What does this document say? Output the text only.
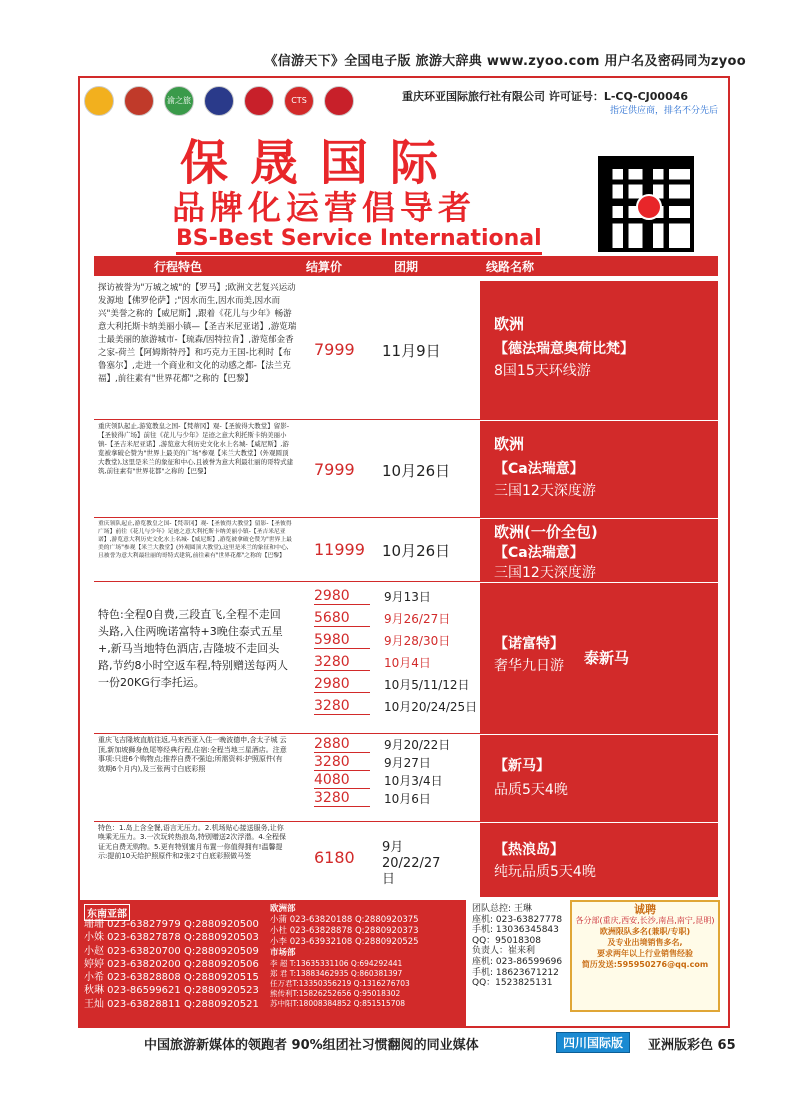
《信游天下》全国电子版 旅游大辞典 www.zyoo.com 用户名及密码同为zyoo
渝之旅	CTS	重庆环亚国际旅行社有限公司 许可证号：L-CQ-CJ00046
指定供应商，排名不分先后
保晟国际
品牌化运营倡导者
BS-Best Service International
行程特色	结算价	团期	线路名称
探访被誉为"万城之城"的【罗马】;欧洲文艺复兴运动发源地【佛罗伦萨】;"因水而生,因水而美,因水而兴"美誉之称的【威尼斯】,跟着《花儿与少年》畅游意大利托斯卡纳美丽小镇—【圣吉米尼亚诺】,游览瑞士最美丽的旅游城市-【琉森/因特拉肯】,游览郁金香之家-荷兰【阿姆斯特丹】和巧克力王国-比利时【布鲁塞尔】,走进一个商业和文化的动感之都-【法兰克福】,前往素有"世界花都"之称的【巴黎】
7999 11月9日
欧洲
【德法瑞意奥荷比梵】
8国15天环线游
重庆领队起止,游览教皇之国-【梵蒂冈】观-【圣彼得大教堂】留影-【圣彼得广场】前往《花儿与少年》足迹之意大利托斯卡纳美丽小镇-【圣吉米尼亚诺】,游览意大利历史文化水上名城-【威尼斯】,游览被拿破仑赞为"世界上最美的广场"参观【米兰大教堂】(外观圆顶大教堂),这里是米兰的象征和中心,且被誉为意大利最壮丽的哥特式建筑,前往素有"世界花都"之称的【巴黎】	7999 10月26日
欧洲
【Ca法瑞意】
三国12天深度游
重庆领队起止,游览教皇之国-【梵蒂冈】观-【圣彼得大教堂】留影-【圣彼得广场】前往《花儿与少年》足迹之意大利托斯卡纳美丽小镇-【圣吉米尼亚诺】,游览意大利历史文化水上名城-【威尼斯】,游览被拿破仑赞为"世界上最美的广场"参观【米兰大教堂】(外观圆顶大教堂),这里是米兰的象征和中心,且被誉为意大利最壮丽的哥特式建筑,前往素有"世界花都"之称的【巴黎】	11999 10月26日
欧洲(一价全包)
【Ca法瑞意】
三国12天深度游
特色:全程0自费,三段直飞,全程不走回头路,入住两晚诺富特+3晚住泰式五星+,新马当地特色酒店,吉隆坡不走回头路,节约8小时空返车程,特别赠送每两人一份20KG行李托运。
2980	9月13日
5680	9月26/27日
5980	9月28/30日
3280	10月4日
2980	10月5/11/12日
3280	10月20/24/25日
【诺富特】
奢华九日游	泰新马
重庆飞吉隆坡直航往返,马来西亚入住一晚波德申,含太子城 云顶,新加坡狮身鱼尾等经典行程,住宿:全程当地三星酒店。注意事项:只进6个购物点;推荐自费不强迫;所需资料:护照原件(有效期6个月内),及三张两寸白底彩照
2880	9月20/22日
3280	9月27日
4080	10月3/4日
3280	10月6日
【新马】
品质5天4晚
特色：1.岛上含全餐,语言无压力。2.机场贴心接送服务,让你唤乘无压力。3.一次玩转热浪岛,特别赠送2次浮潜。4.全程保证无自费无购物。5.更有特别蜜月布置一你值得拥有!温馨提示:提前10天给护照原件和2张2寸白底彩照做马签	6180
9月20/22/27日
【热浪岛】
纯玩品质5天4晚
东南亚部
珊珊 023-63827979 Q:2880920500
小姝 023-63827878 Q:2880920503
小赵 023-63820700 Q:2880920509
婷婷 023-63820200 Q:2880920506
小希 023-63828808 Q:2880920515
秋琳 023-86599621 Q:2880920523
王灿 023-63828811 Q:2880920521
欧洲部
小蒲 023-63820188 Q:2880920375
小杜 023-63828878 Q:2880920373
小李 023-63932108 Q:2880920525
市场部
李 超 T:13635331106 Q:694292441
郑 君 T:13883462935 Q:860381397
任万君T:13350356219 Q:1316276703
熊传利T:15826252656 Q:95018302
苏中阳T:18008384852 Q:851515708
团队总控: 王琳
座机: 023-63827778
手机: 13036345843
QQ：95018308
负责人：崔来利
座机: 023-86599696
手机: 18623671212
QQ：1523825131
诚聘
各分部(重庆,西安,长沙,南昌,南宁,昆明)
欧洲限队多名(兼职/专职)
及专业出境销售多名,
要求两年以上行业销售经验
简历发送:595950276@qq.com
中国旅游新媒体的领跑者 90%组团社习惯翻阅的同业媒体	四川国际版	亚洲版彩色 65
